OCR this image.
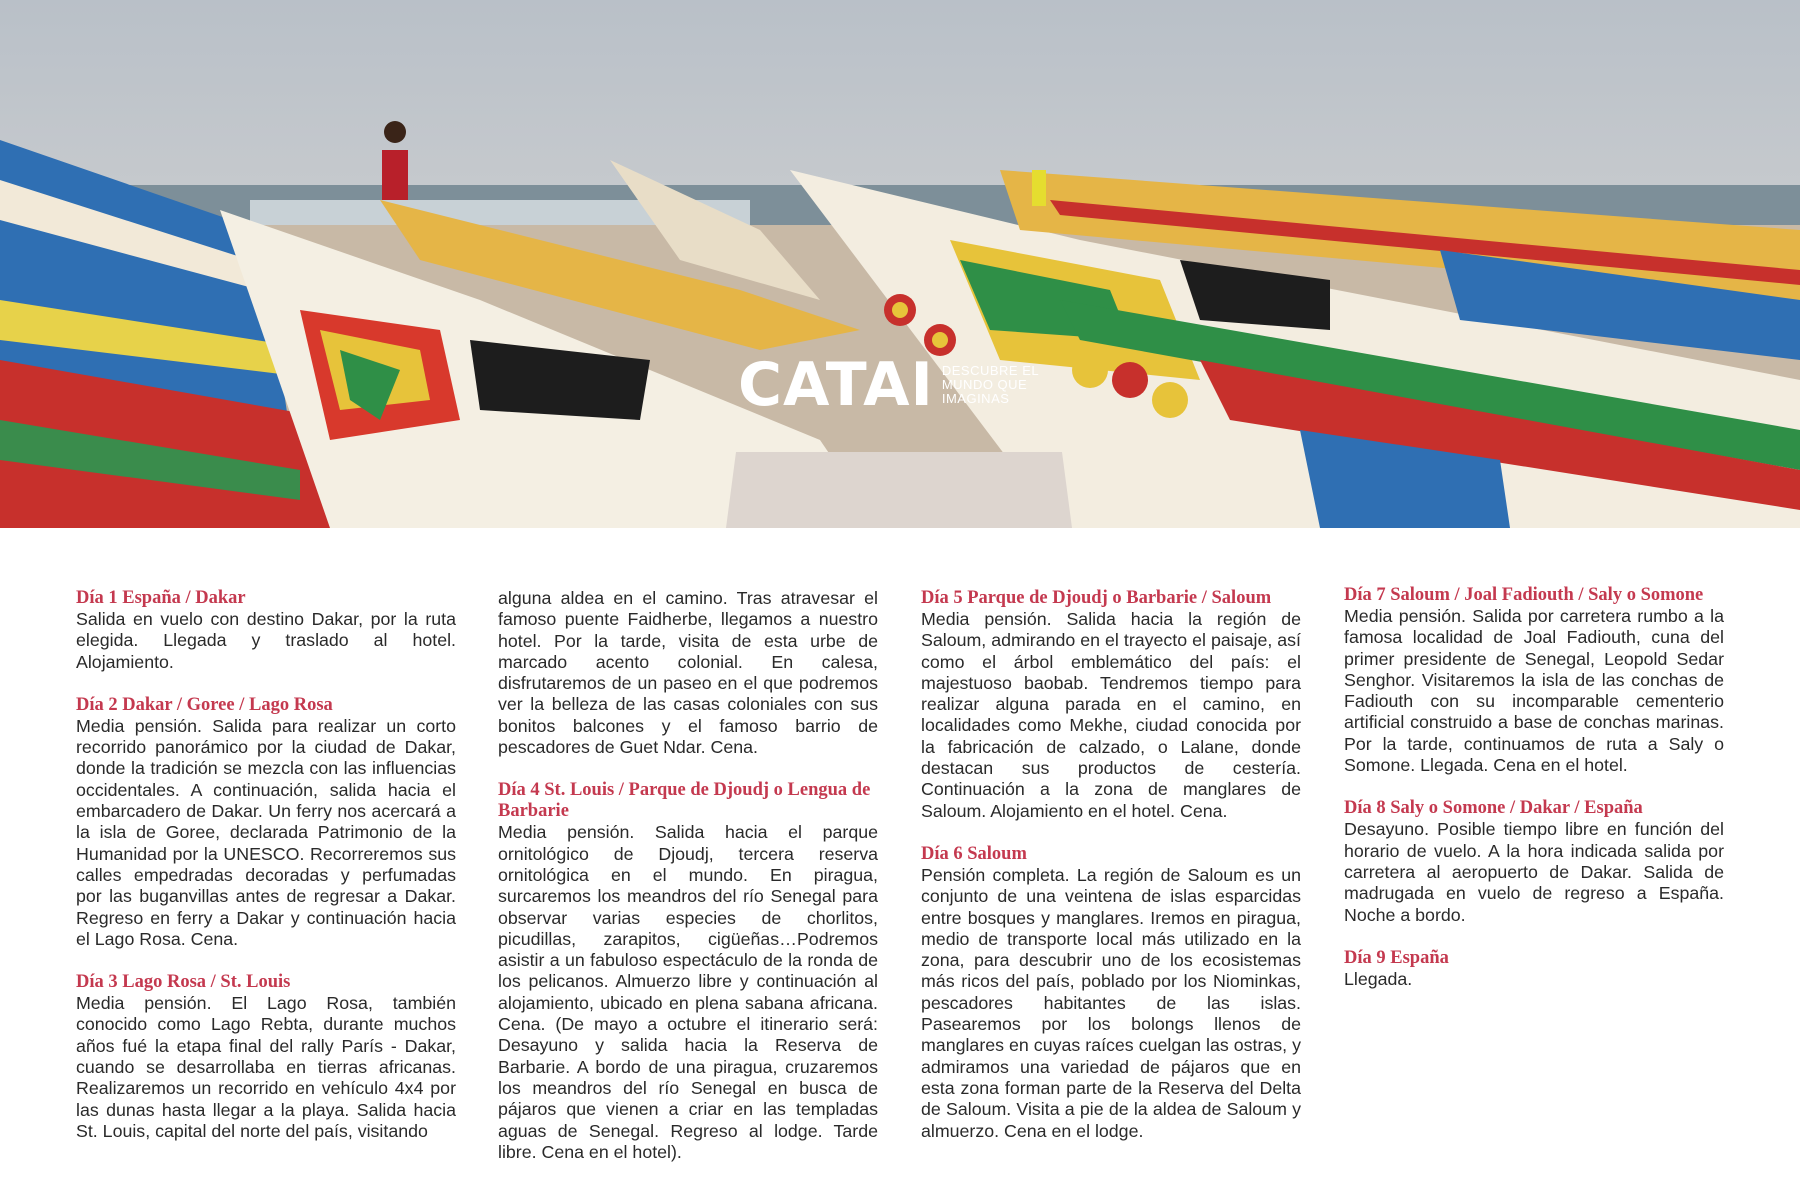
CATAI DESCUBRE EL MUNDO QUE IMAGINAS
Día 1 España / Dakar
Salida en vuelo con destino Dakar, por la ruta elegida. Llegada y traslado al hotel. Alojamiento.
Día 2 Dakar / Goree / Lago Rosa
Media pensión. Salida para realizar un corto recorrido panorámico por la ciudad de Dakar, donde la tradición se mezcla con las influencias occidentales. A continuación, salida hacia el embarcadero de Dakar. Un ferry nos acercará a la isla de Goree, declarada Patrimonio de la Humanidad por la UNESCO. Recorreremos sus calles empedradas decoradas y perfumadas por las buganvillas antes de regresar a Dakar. Regreso en ferry a Dakar y continuación hacia el Lago Rosa. Cena.
Día 3 Lago Rosa / St. Louis
Media pensión. El Lago Rosa, también conocido como Lago Rebta, durante muchos años fué la etapa final del rally París - Dakar, cuando se desarrollaba en tierras africanas. Realizaremos un recorrido en vehículo 4x4 por las dunas hasta llegar a la playa. Salida hacia St. Louis, capital del norte del país, visitando
alguna aldea en el camino. Tras atravesar el famoso puente Faidherbe, llegamos a nuestro hotel. Por la tarde, visita de esta urbe de marcado acento colonial. En calesa, disfrutaremos de un paseo en el que podremos ver la belleza de las casas coloniales con sus bonitos balcones y el famoso barrio de pescadores de Guet Ndar. Cena.
Día 4 St. Louis / Parque de Djoudj o Lengua de Barbarie
Media pensión. Salida hacia el parque ornitológico de Djoudj, tercera reserva ornitológica en el mundo. En piragua, surcaremos los meandros del río Senegal para observar varias especies de chorlitos, picudillas, zarapitos, cigüeñas…Podremos asistir a un fabuloso espectáculo de la ronda de los pelicanos. Almuerzo libre y continuación al alojamiento, ubicado en plena sabana africana. Cena. (De mayo a octubre el itinerario será: Desayuno y salida hacia la Reserva de Barbarie. A bordo de una piragua, cruzaremos los meandros del río Senegal en busca de pájaros que vienen a criar en las templadas aguas de Senegal. Regreso al lodge. Tarde libre. Cena en el hotel).
Día 5 Parque de Djoudj o Barbarie / Saloum
Media pensión. Salida hacia la región de Saloum, admirando en el trayecto el paisaje, así como el árbol emblemático del país: el majestuoso baobab. Tendremos tiempo para realizar alguna parada en el camino, en localidades como Mekhe, ciudad conocida por la fabricación de calzado, o Lalane, donde destacan sus productos de cestería. Continuación a la zona de manglares de Saloum. Alojamiento en el hotel. Cena.
Día 6 Saloum
Pensión completa. La región de Saloum es un conjunto de una veintena de islas esparcidas entre bosques y manglares. Iremos en piragua, medio de transporte local más utilizado en la zona, para descubrir uno de los ecosistemas más ricos del país, poblado por los Niominkas, pescadores habitantes de las islas. Pasearemos por los bolongs llenos de manglares en cuyas raíces cuelgan las ostras, y admiramos una variedad de pájaros que en esta zona forman parte de la Reserva del Delta de Saloum. Visita a pie de la aldea de Saloum y almuerzo. Cena en el lodge.
Día 7 Saloum / Joal Fadiouth / Saly o Somone
Media pensión. Salida por carretera rumbo a la famosa localidad de Joal Fadiouth, cuna del primer presidente de Senegal, Leopold Sedar Senghor. Visitaremos la isla de las conchas de Fadiouth con su incomparable cementerio artificial construido a base de conchas marinas. Por la tarde, continuamos de ruta a Saly o Somone. Llegada. Cena en el hotel.
Día 8 Saly o Somone / Dakar / España
Desayuno. Posible tiempo libre en función del horario de vuelo. A la hora indicada salida por carretera al aeropuerto de Dakar. Salida de madrugada en vuelo de regreso a España. Noche a bordo.
Día 9 España
Llegada.
